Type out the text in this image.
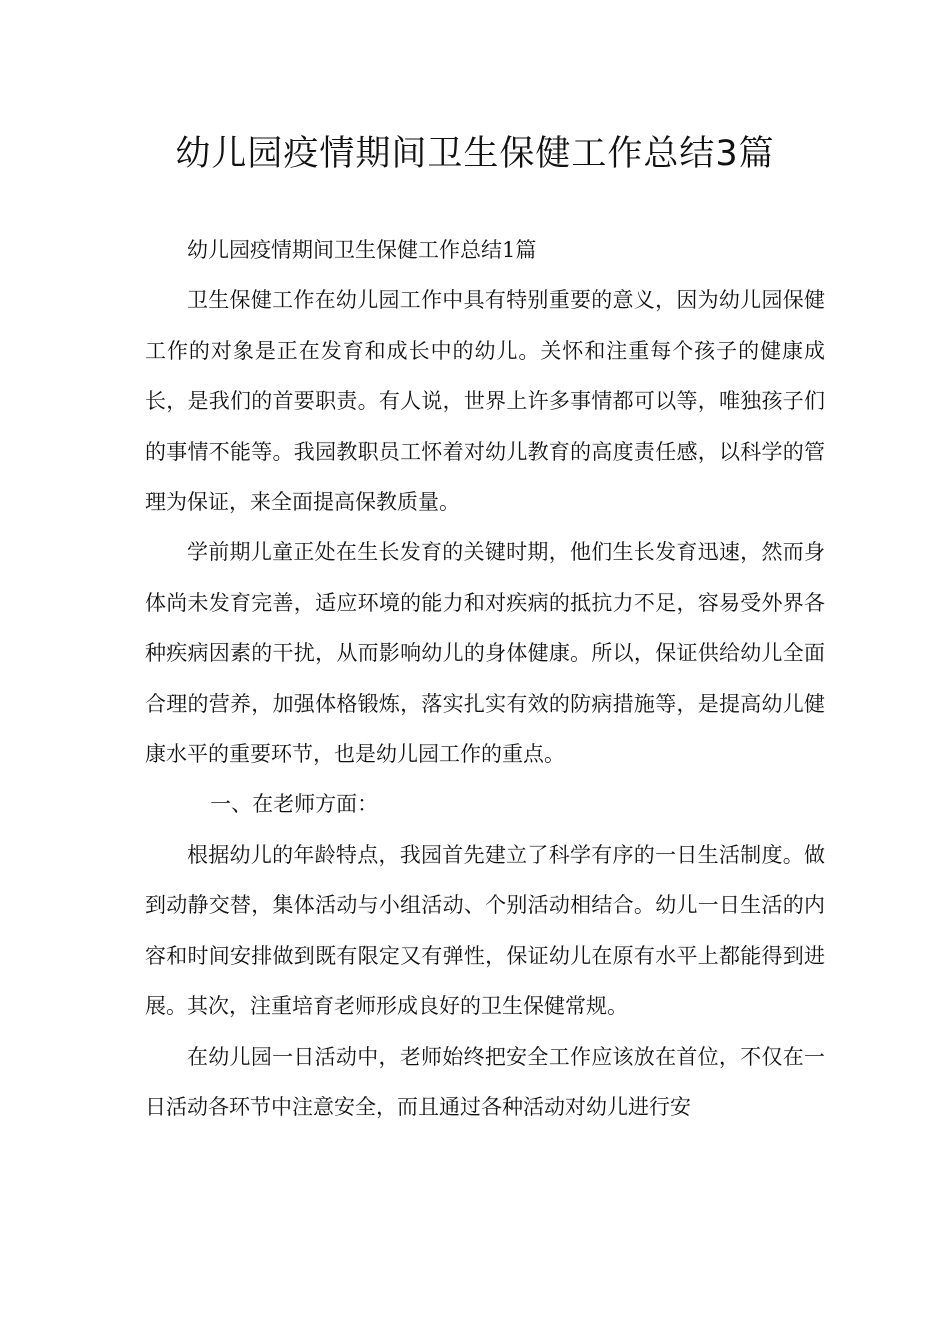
幼儿园疫情期间卫生保健工作总结3篇

幼儿园疫情期间卫生保健工作总结1篇

卫生保健工作在幼儿园工作中具有特别重要的意义，因为幼儿园保健工作的对象是正在发育和成长中的幼儿。关怀和注重每个孩子的健康成长，是我们的首要职责。有人说，世界上许多事情都可以等，唯独孩子们的事情不能等。我园教职员工怀着对幼儿教育的高度责任感，以科学的管理为保证，来全面提高保教质量。

学前期儿童正处在生长发育的关键时期，他们生长发育迅速，然而身体尚未发育完善，适应环境的能力和对疾病的抵抗力不足，容易受外界各种疾病因素的干扰，从而影响幼儿的身体健康。所以，保证供给幼儿全面合理的营养，加强体格锻炼，落实扎实有效的防病措施等，是提高幼儿健康水平的重要环节，也是幼儿园工作的重点。

一、在老师方面：

根据幼儿的年龄特点，我园首先建立了科学有序的一日生活制度。做到动静交替，集体活动与小组活动、个别活动相结合。幼儿一日生活的内容和时间安排做到既有限定又有弹性，保证幼儿在原有水平上都能得到进展。其次，注重培育老师形成良好的卫生保健常规。

在幼儿园一日活动中，老师始终把安全工作应该放在首位，不仅在一日活动各环节中注意安全，而且通过各种活动对幼儿进行安
